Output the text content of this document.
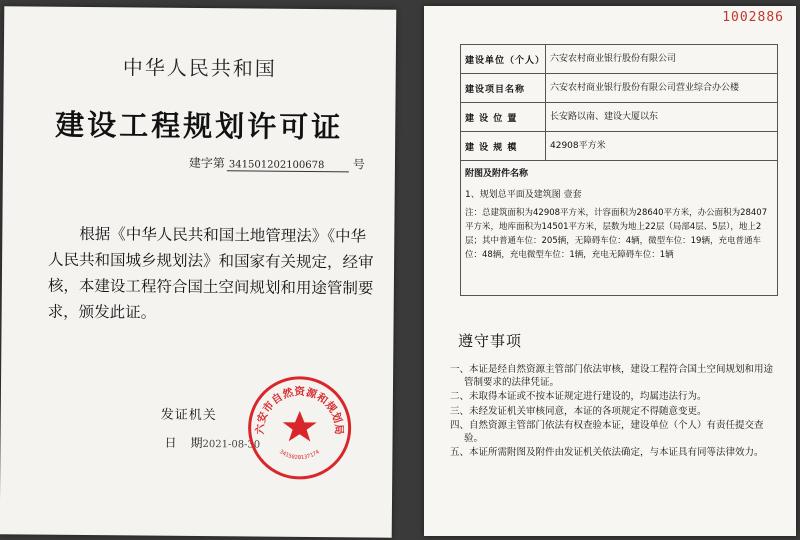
中华人民共和国
建设工程规划许可证
建字第 341501202100678 号
根据《中华人民共和国土地管理法》《中华人民共和国城乡规划法》和国家有关规定，经审核，本建设工程符合国土空间规划和用途管制要求，颁发此证。
发证机关
日 期2021-08-30
六安市自然资源和规划局
3415020137174
1002886
建设单位（个人）	六安农村商业银行股份有限公司
建设项目名称	六安农村商业银行股份有限公司营业综合办公楼
建 设 位 置	长安路以南、建设大厦以东
建 设 规 模	42908平方米

附图及附件名称
1、规划总平面及建筑图 壹套
注：总建筑面积为42908平方米，计容面积为28640平方米，办公面积为28407平方米，地库面积为14501平方米，层数为地上22层（局部4层、5层），地上2层；其中普通车位：205辆，无障碍车位：4辆，微型车位：19辆，充电普通车位：48辆，充电微型车位：1辆，充电无障碍车位：1辆	
遵守事项
一、本证是经自然资源主管部门依法审核，建设工程符合国土空间规划和用途管制要求的法律凭证。
二、未取得本证或不按本证规定进行建设的，均属违法行为。
三、未经发证机关审核同意，本证的各项规定不得随意变更。
四、自然资源主管部门依法有权查验本证，建设单位（个人）有责任提交查验。
五、本证所需附图及附件由发证机关依法确定，与本证具有同等法律效力。
